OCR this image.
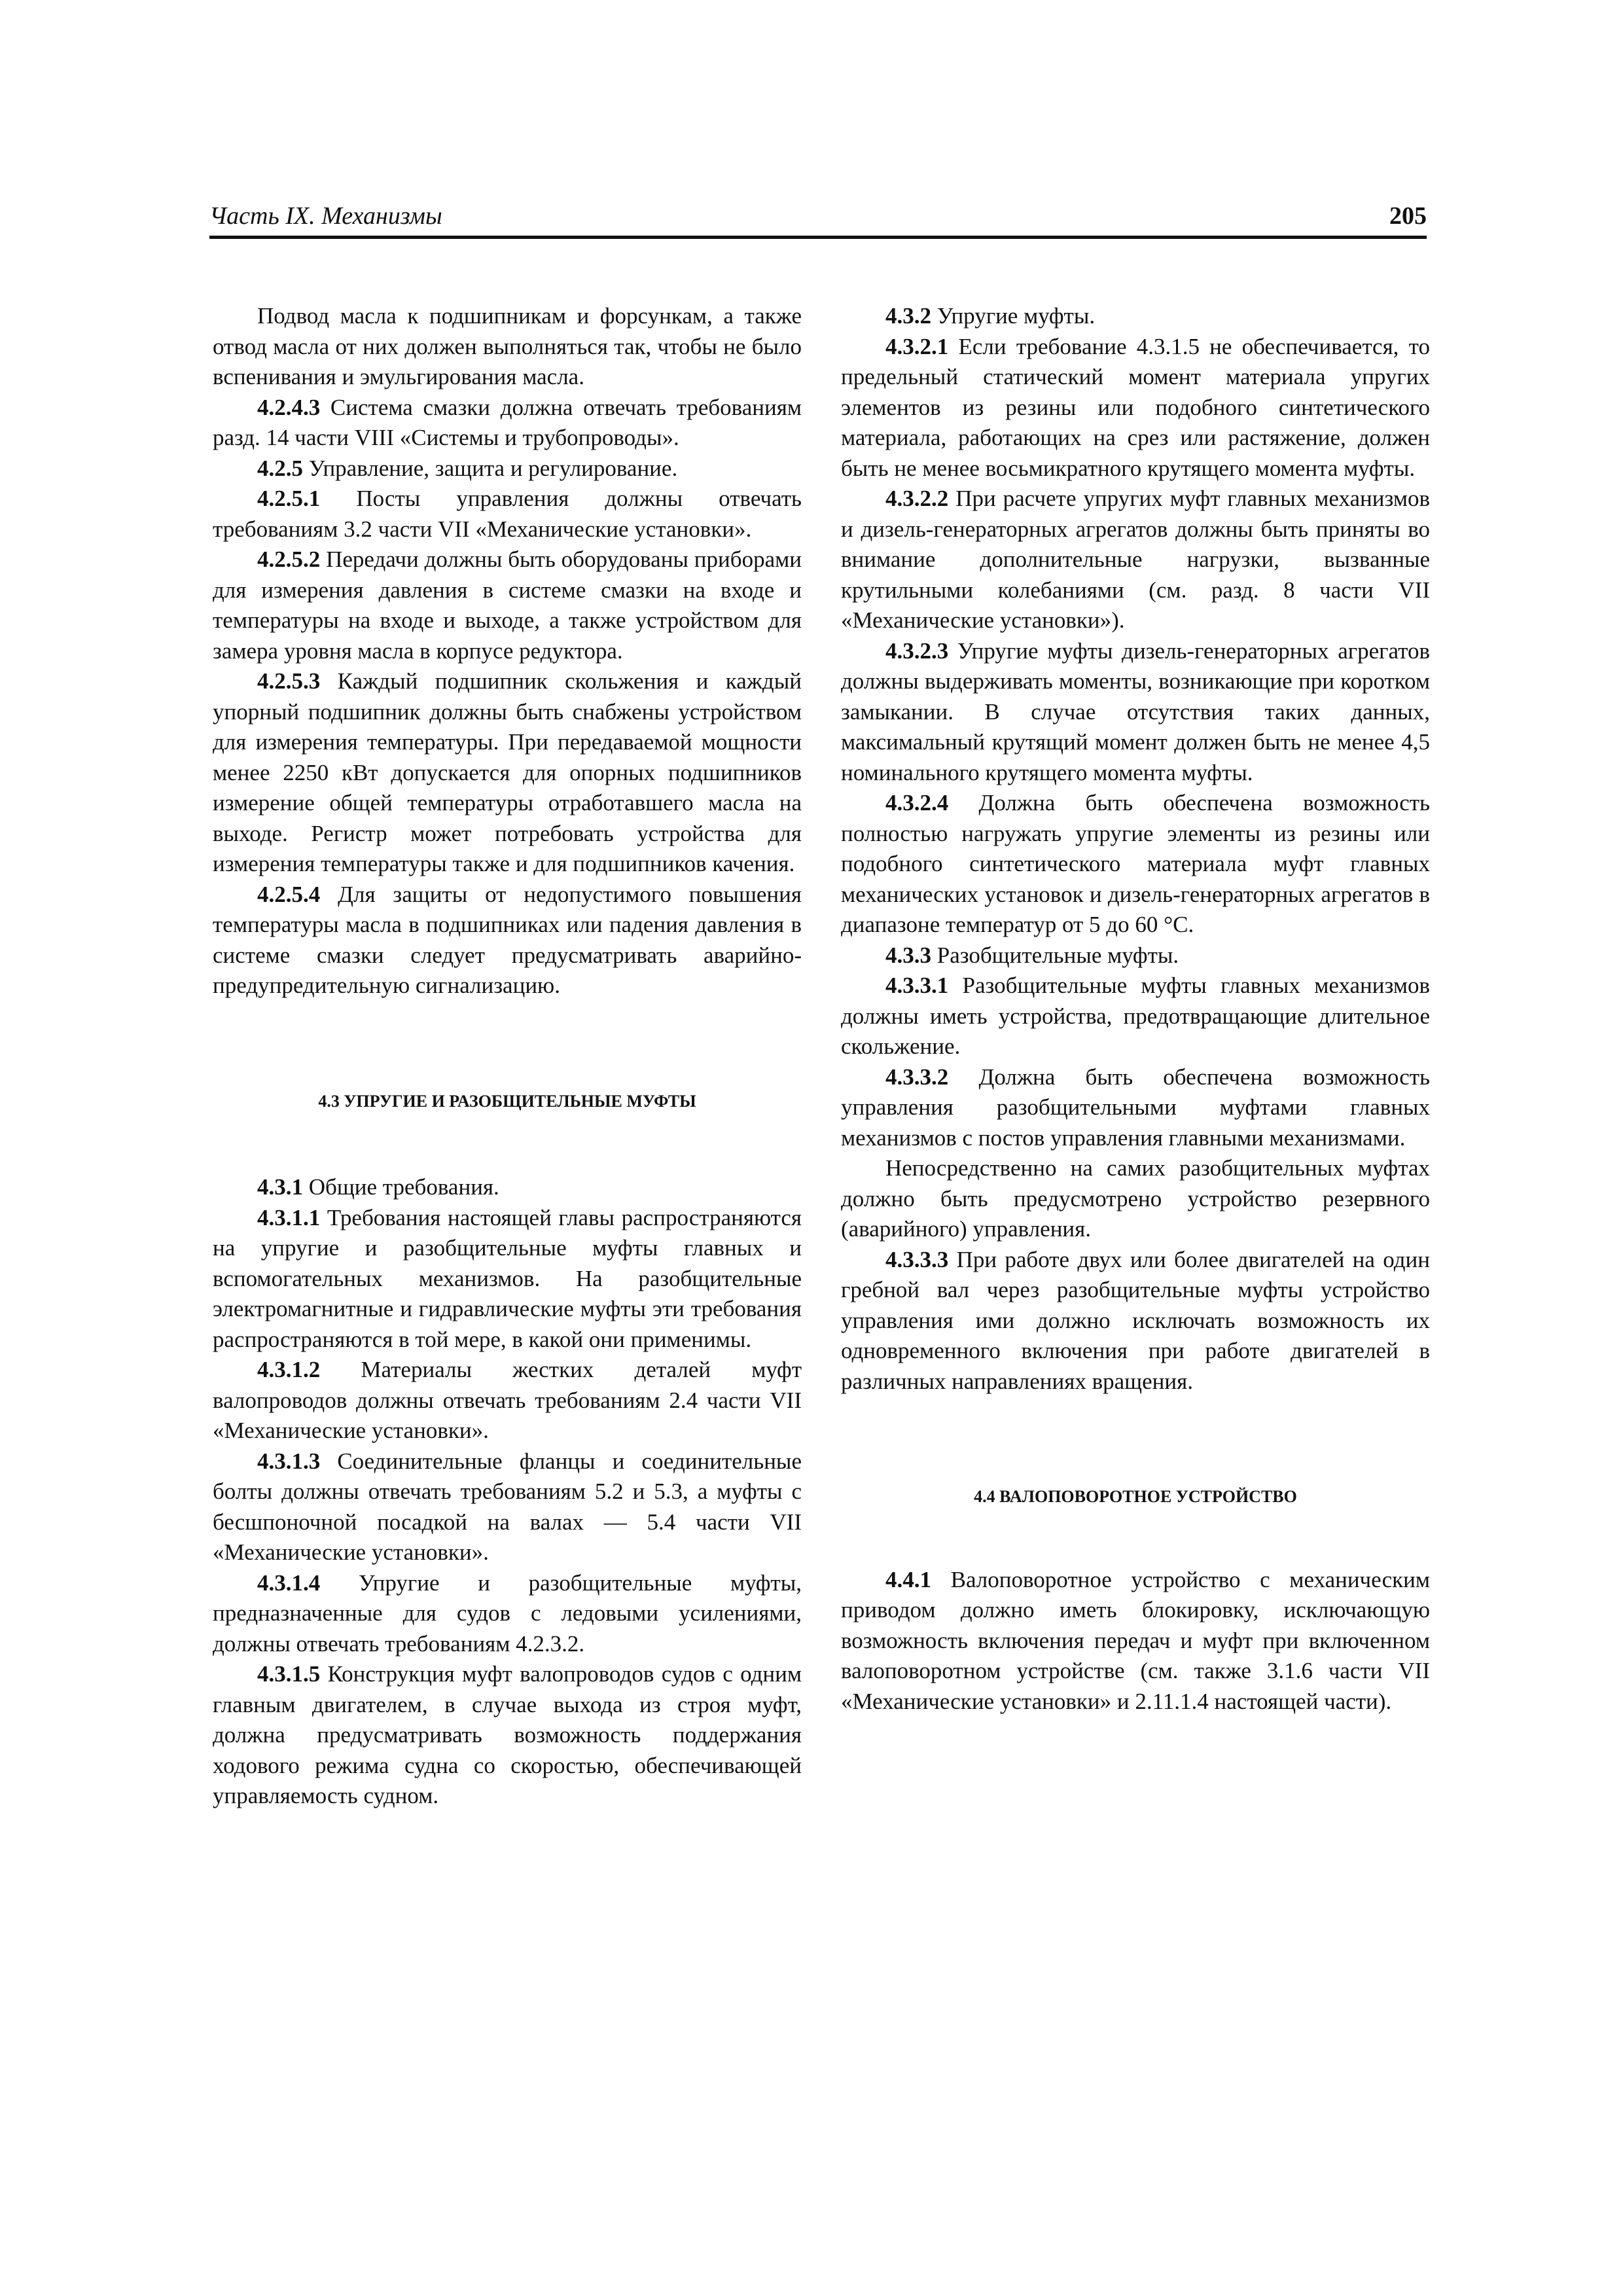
Часть IX. Механизмы	205

Подвод масла к подшипникам и форсункам, а также отвод масла от них должен выполняться так, чтобы не было вспенивания и эмульгирования масла.

4.2.4.3 Система смазки должна отвечать требованиям разд. 14 части VIII «Системы и трубопроводы».

4.2.5 Управление, защита и регулирование.

4.2.5.1 Посты управления должны отвечать требованиям 3.2 части VII «Механические установки».

4.2.5.2 Передачи должны быть оборудованы приборами для измерения давления в системе смазки на входе и температуры на входе и выходе, а также устройством для замера уровня масла в корпусе редуктора.

4.2.5.3 Каждый подшипник скольжения и каждый упорный подшипник должны быть снабжены устройством для измерения температуры. При передаваемой мощности менее 2250 кВт допускается для опорных подшипников измерение общей температуры отработавшего масла на выходе. Регистр может потребовать устройства для измерения температуры также и для подшипников качения.

4.2.5.4 Для защиты от недопустимого повышения температуры масла в подшипниках или падения давления в системе смазки следует предусматривать аварийно-предупредительную сигнализацию.

4.3 УПРУГИЕ И РАЗОБЩИТЕЛЬНЫЕ МУФТЫ

4.3.1 Общие требования.

4.3.1.1 Требования настоящей главы распространяются на упругие и разобщительные муфты главных и вспомогательных механизмов. На разобщительные электромагнитные и гидравлические муфты эти требования распространяются в той мере, в какой они применимы.

4.3.1.2 Материалы жестких деталей муфт валопроводов должны отвечать требованиям 2.4 части VII «Механические установки».

4.3.1.3 Соединительные фланцы и соединительные болты должны отвечать требованиям 5.2 и 5.3, а муфты с бесшпоночной посадкой на валах — 5.4 части VII «Механические установки».

4.3.1.4 Упругие и разобщительные муфты, предназначенные для судов с ледовыми усилениями, должны отвечать требованиям 4.2.3.2.

4.3.1.5 Конструкция муфт валопроводов судов с одним главным двигателем, в случае выхода из строя муфт, должна предусматривать возможность поддержания ходового режима судна со скоростью, обеспечивающей управляемость судном.

4.3.2 Упругие муфты.

4.3.2.1 Если требование 4.3.1.5 не обеспечивается, то предельный статический момент материала упругих элементов из резины или подобного синтетического материала, работающих на срез или растяжение, должен быть не менее восьмикратного крутящего момента муфты.

4.3.2.2 При расчете упругих муфт главных механизмов и дизель-генераторных агрегатов должны быть приняты во внимание дополнительные нагрузки, вызванные крутильными колебаниями (см. разд. 8 части VII «Механические установки»).

4.3.2.3 Упругие муфты дизель-генераторных агрегатов должны выдерживать моменты, возникающие при коротком замыкании. В случае отсутствия таких данных, максимальный крутящий момент должен быть не менее 4,5 номинального крутящего момента муфты.

4.3.2.4 Должна быть обеспечена возможность полностью нагружать упругие элементы из резины или подобного синтетического материала муфт главных механических установок и дизель-генераторных агрегатов в диапазоне температур от 5 до 60 °C.

4.3.3 Разобщительные муфты.

4.3.3.1 Разобщительные муфты главных механизмов должны иметь устройства, предотвращающие длительное скольжение.

4.3.3.2 Должна быть обеспечена возможность управления разобщительными муфтами главных механизмов с постов управления главными механизмами.

Непосредственно на самих разобщительных муфтах должно быть предусмотрено устройство резервного (аварийного) управления.

4.3.3.3 При работе двух или более двигателей на один гребной вал через разобщительные муфты устройство управления ими должно исключать возможность их одновременного включения при работе двигателей в различных направлениях вращения.

4.4 ВАЛОПОВОРОТНОЕ УСТРОЙСТВО

4.4.1 Валоповоротное устройство с механическим приводом должно иметь блокировку, исключающую возможность включения передач и муфт при включенном валоповоротном устройстве (см. также 3.1.6 части VII «Механические установки» и 2.11.1.4 настоящей части).
